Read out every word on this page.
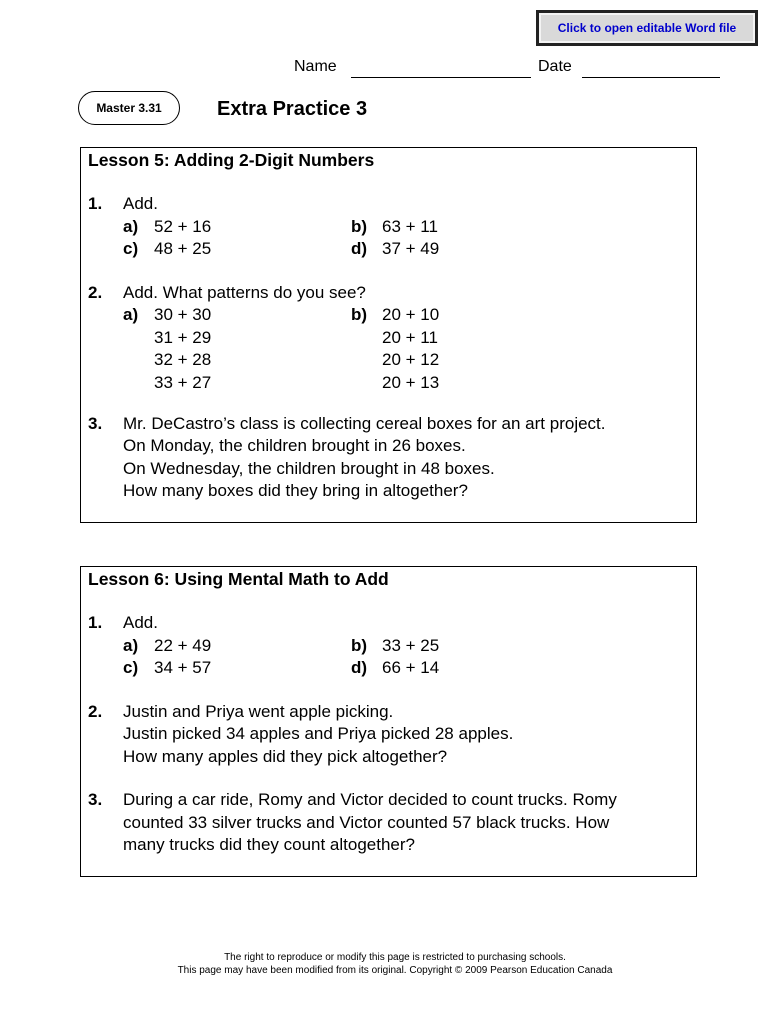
Click to open editable Word file
Name	Date
Master 3.31	Extra Practice 3
Lesson 5: Adding 2-Digit Numbers
1. Add.
a) 52 + 16	b) 63 + 11
c) 48 + 25	d) 37 + 49
2. Add. What patterns do you see?
a) 30 + 30
31 + 29
32 + 28
33 + 27
b) 20 + 10
20 + 11
20 + 12
20 + 13
3. Mr. DeCastro’s class is collecting cereal boxes for an art project.
On Monday, the children brought in 26 boxes.
On Wednesday, the children brought in 48 boxes.
How many boxes did they bring in altogether?
Lesson 6: Using Mental Math to Add
1. Add.
a) 22 + 49	b) 33 + 25
c) 34 + 57	d) 66 + 14
2. Justin and Priya went apple picking.
Justin picked 34 apples and Priya picked 28 apples.
How many apples did they pick altogether?
3. During a car ride, Romy and Victor decided to count trucks. Romy
counted 33 silver trucks and Victor counted 57 black trucks. How
many trucks did they count altogether?
The right to reproduce or modify this page is restricted to purchasing schools.
This page may have been modified from its original. Copyright © 2009 Pearson Education Canada
